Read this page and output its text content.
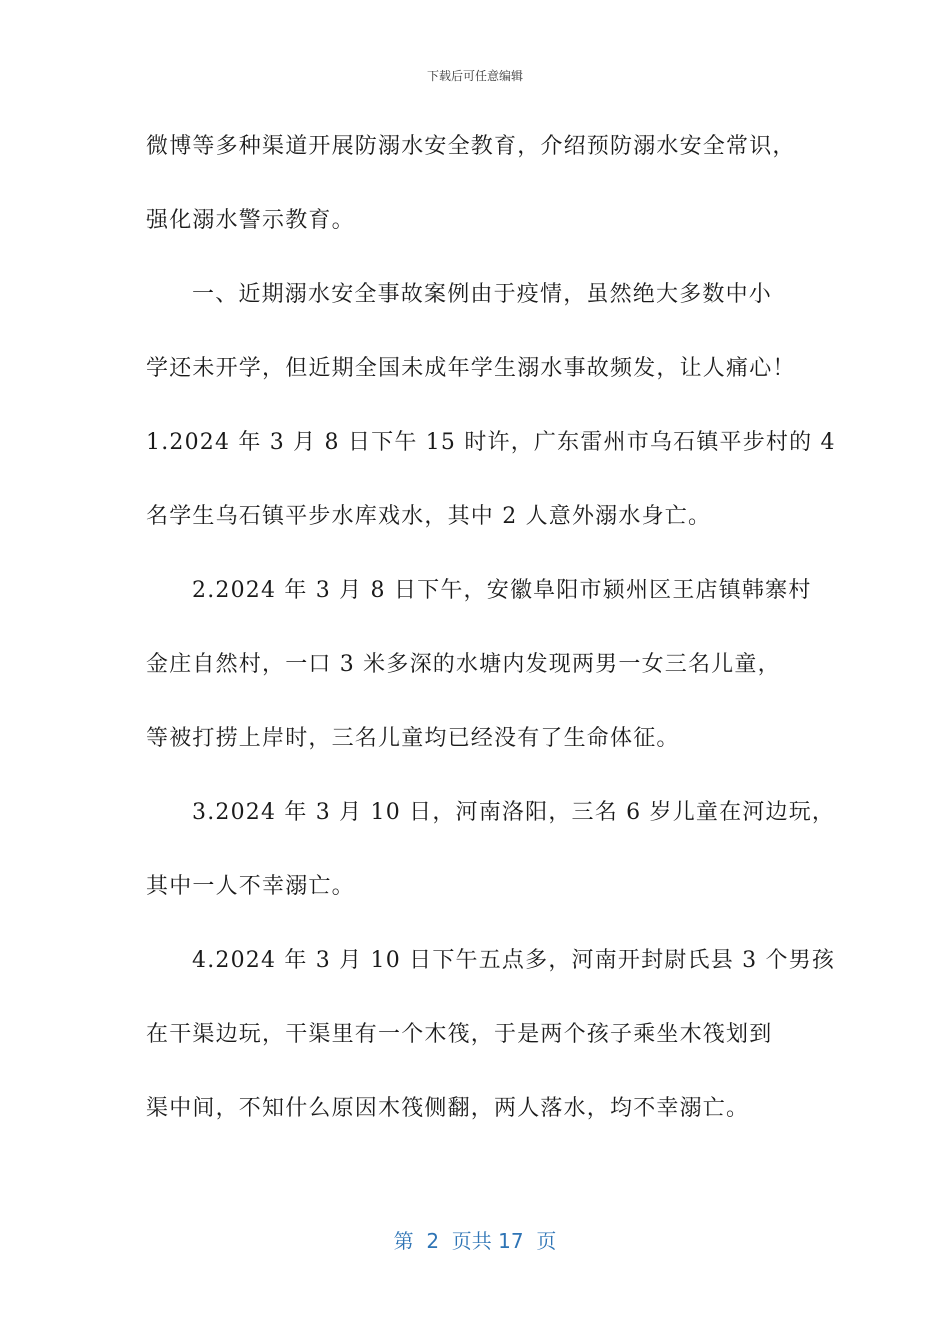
下载后可任意编辑
微博等多种渠道开展防溺水安全教育，介绍预防溺水安全常识，
强化溺水警示教育。
一、近期溺水安全事故案例由于疫情，虽然绝大多数中小
学还未开学，但近期全国未成年学生溺水事故频发，让人痛心！
1.2024 年 3 月 8 日下午 15 时许，广东雷州市乌石镇平步村的 4
名学生乌石镇平步水库戏水，其中 2 人意外溺水身亡。
2.2024 年 3 月 8 日下午，安徽阜阳市颍州区王店镇韩寨村
金庄自然村，一口 3 米多深的水塘内发现两男一女三名儿童，
等被打捞上岸时，三名儿童均已经没有了生命体征。
3.2024 年 3 月 10 日，河南洛阳，三名 6 岁儿童在河边玩，
其中一人不幸溺亡。
4.2024 年 3 月 10 日下午五点多，河南开封尉氏县 3 个男孩
在干渠边玩，干渠里有一个木筏，于是两个孩子乘坐木筏划到
渠中间，不知什么原因木筏侧翻，两人落水，均不幸溺亡。
第  2  页共 17  页
